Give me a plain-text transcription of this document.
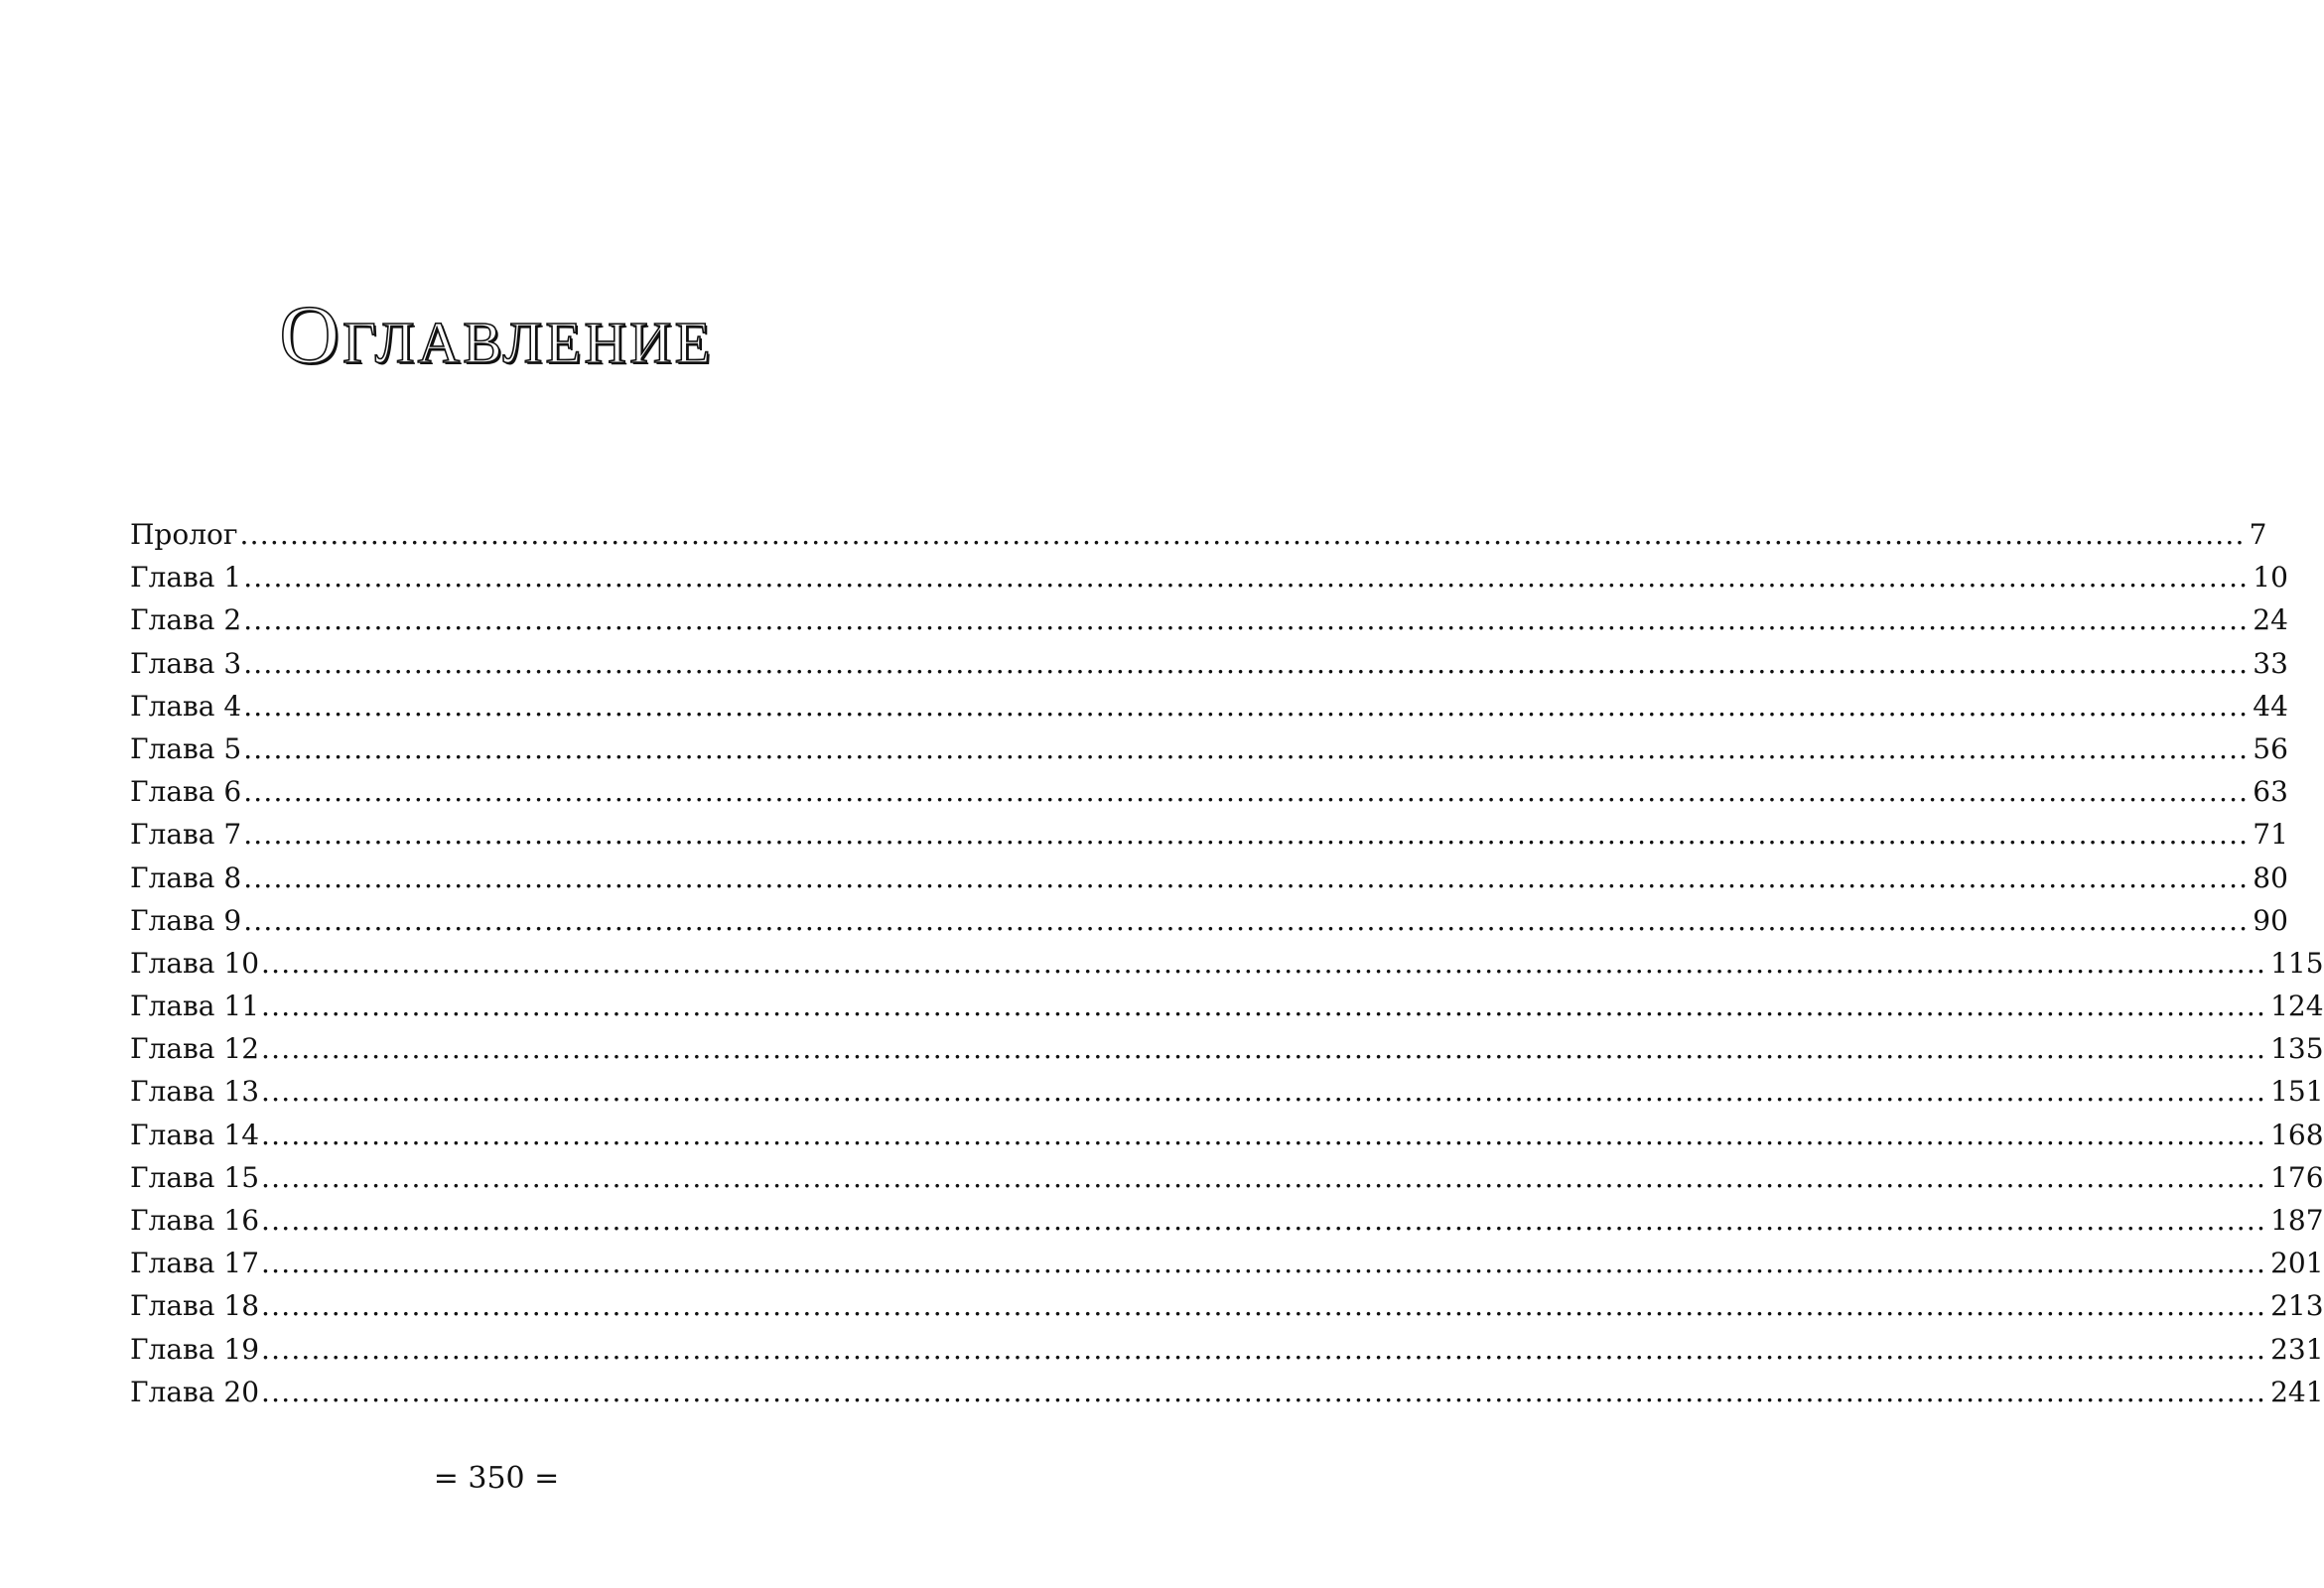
Оглавление
Пролог ........................................................................................................................................................................................................ 7
Глава 1 ........................................................................................................................................................................................................ 10
Глава 2 ........................................................................................................................................................................................................ 24
Глава 3 ........................................................................................................................................................................................................ 33
Глава 4 ........................................................................................................................................................................................................ 44
Глава 5 ........................................................................................................................................................................................................ 56
Глава 6 ........................................................................................................................................................................................................ 63
Глава 7 ........................................................................................................................................................................................................ 71
Глава 8 ........................................................................................................................................................................................................ 80
Глава 9 ........................................................................................................................................................................................................ 90
Глава 10 ........................................................................................................................................................................................................ 115
Глава 11 ........................................................................................................................................................................................................ 124
Глава 12 ........................................................................................................................................................................................................ 135
Глава 13 ........................................................................................................................................................................................................ 151
Глава 14 ........................................................................................................................................................................................................ 168
Глава 15 ........................................................................................................................................................................................................ 176
Глава 16 ........................................................................................................................................................................................................ 187
Глава 17 ........................................................................................................................................................................................................ 201
Глава 18 ........................................................................................................................................................................................................ 213
Глава 19 ........................................................................................................................................................................................................ 231
Глава 20 ........................................................................................................................................................................................................ 241
= 350 =
